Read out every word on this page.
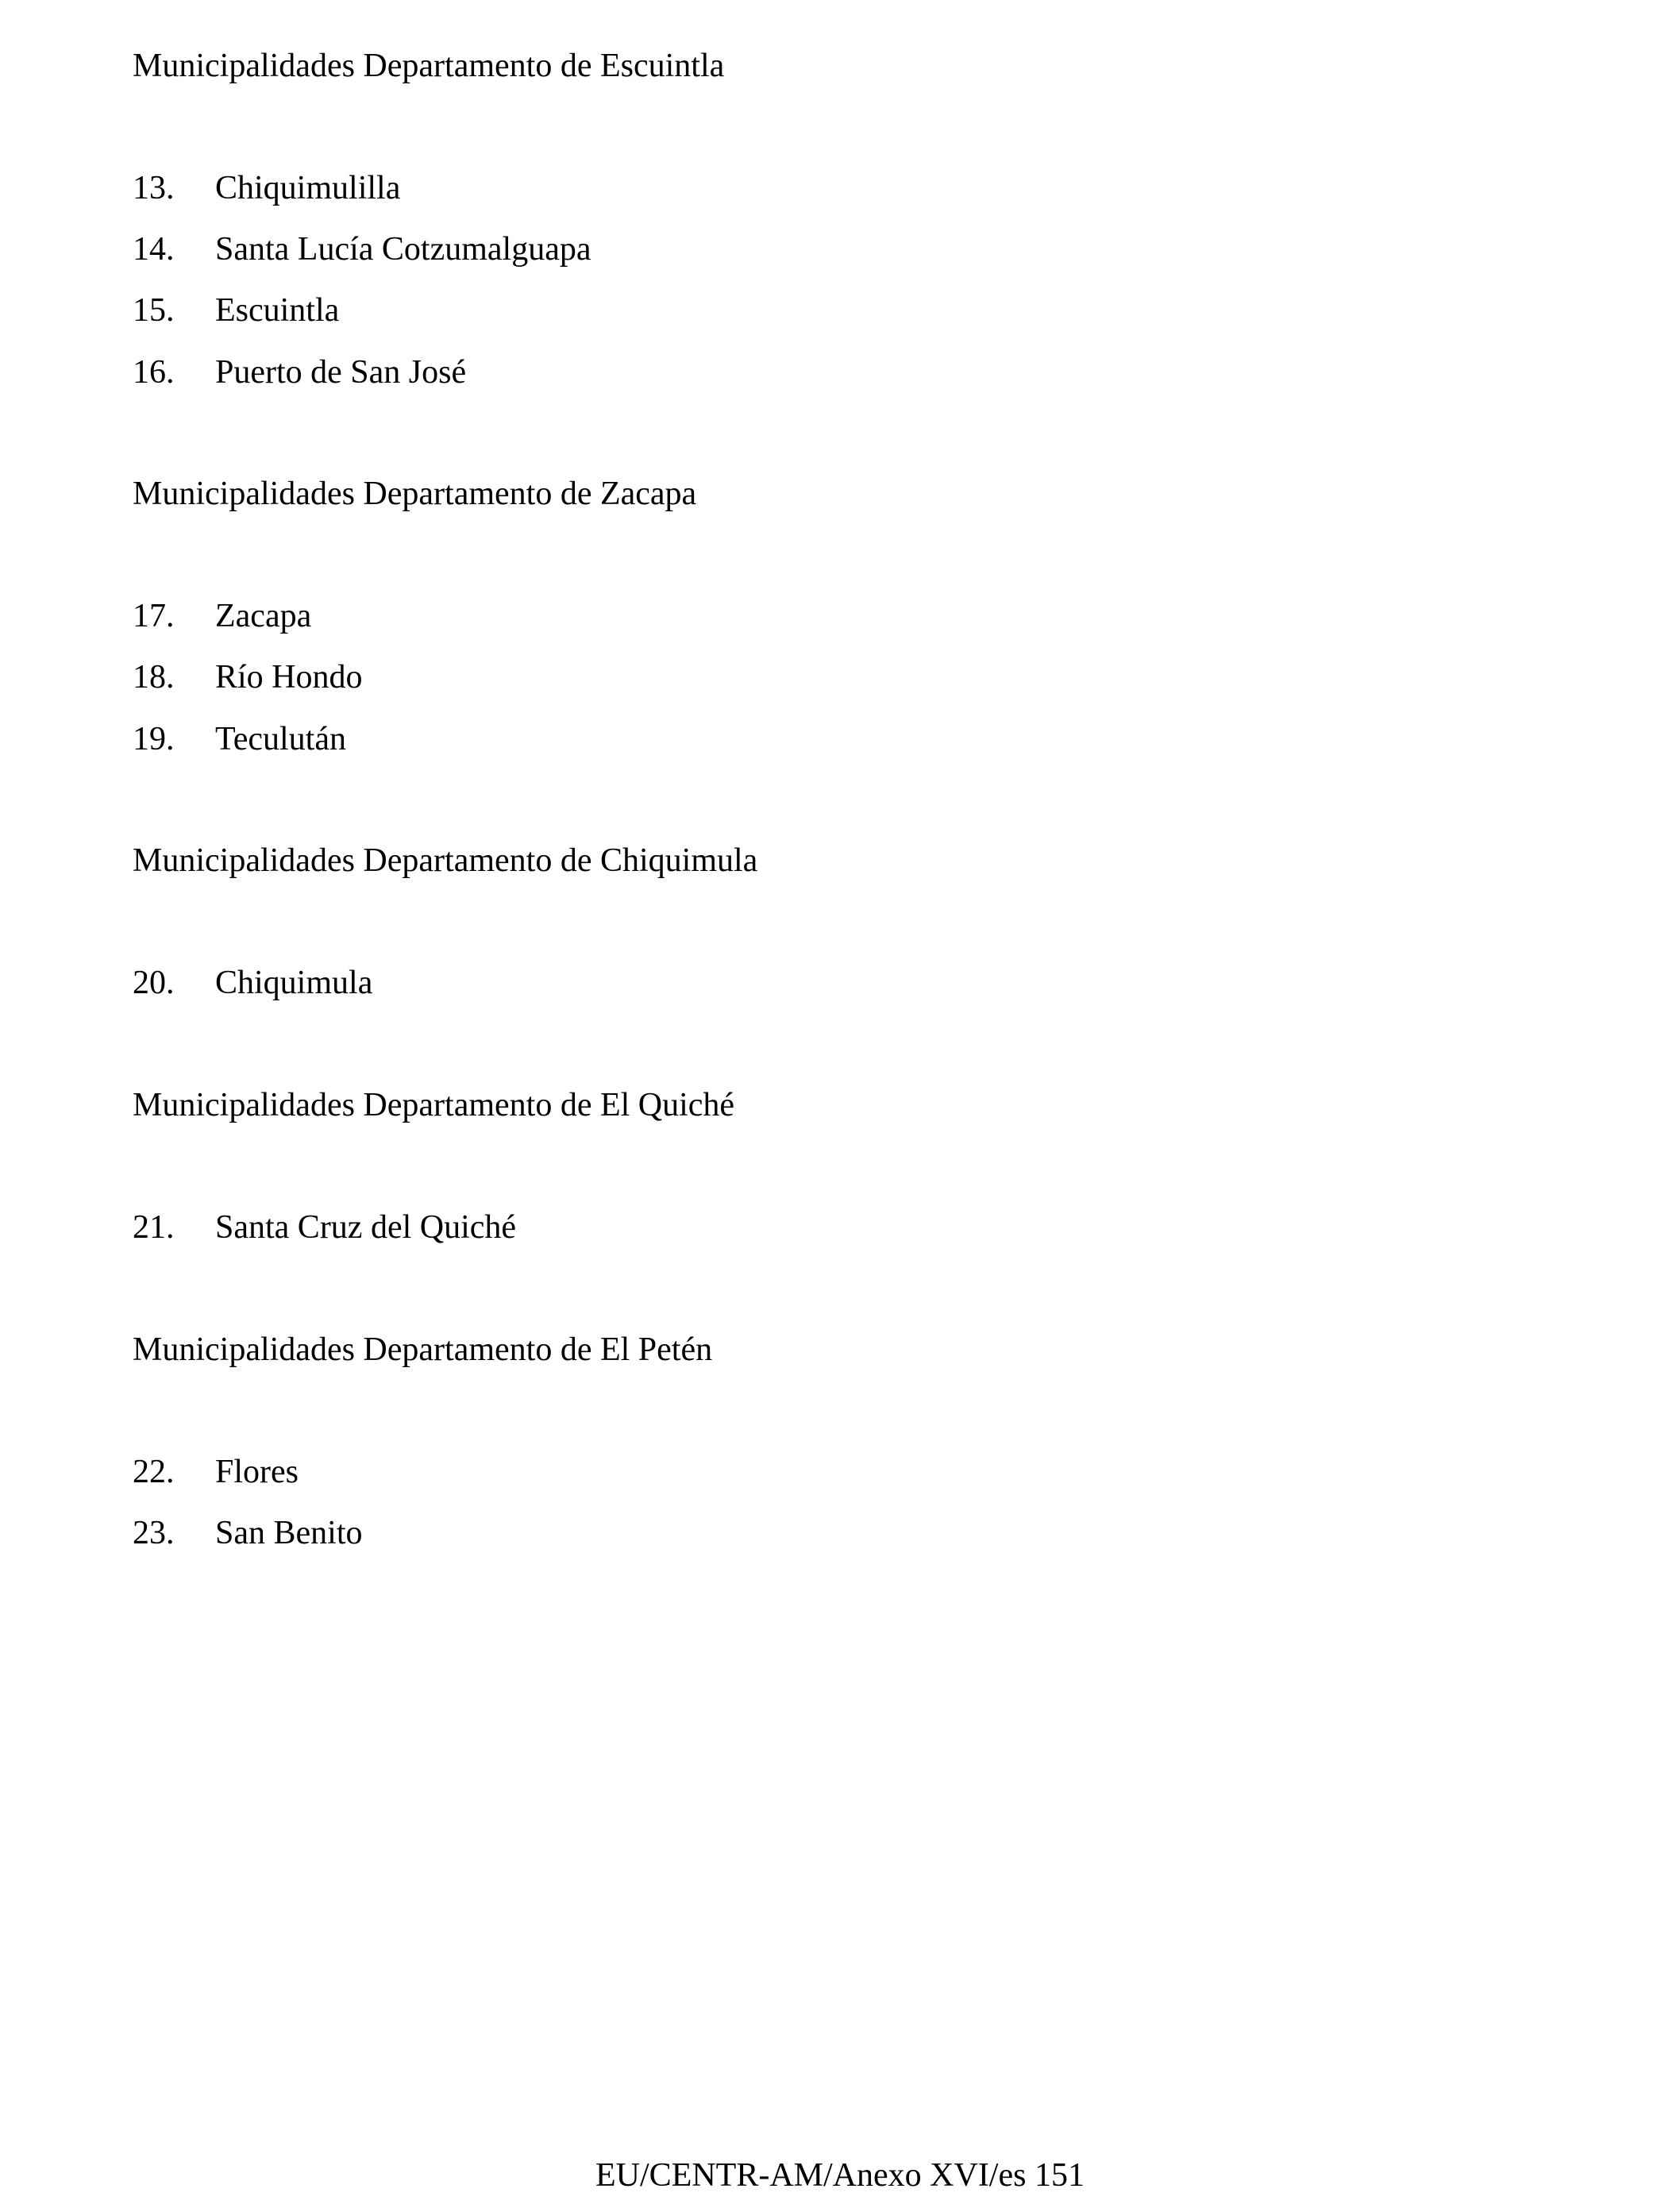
Municipalidades Departamento de Escuintla
13. Chiquimulilla
14. Santa Lucía Cotzumalguapa
15. Escuintla
16. Puerto de San José
Municipalidades Departamento de Zacapa
17. Zacapa
18. Río Hondo
19. Teculután
Municipalidades Departamento de Chiquimula
20. Chiquimula
Municipalidades Departamento de El Quiché
21. Santa Cruz del Quiché
Municipalidades Departamento de El Petén
22. Flores
23. San Benito
EU/CENTR-AM/Anexo XVI/es 151
